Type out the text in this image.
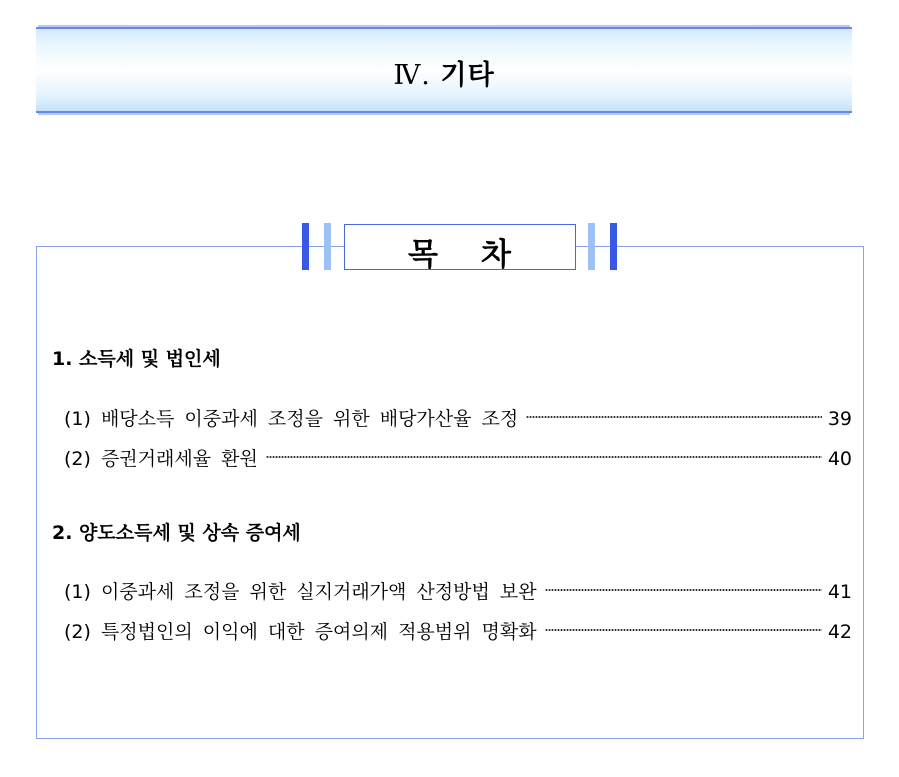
Ⅳ. 기타
목 차
1. 소득세 및 법인세
(1) 배당소득 이중과세 조정을 위한 배당가산율 조정	39
(2) 증권거래세율 환원	40
2. 양도소득세 및 상속 증여세
(1) 이중과세 조정을 위한 실지거래가액 산정방법 보완	41
(2) 특정법인의 이익에 대한 증여의제 적용범위 명확화	42
